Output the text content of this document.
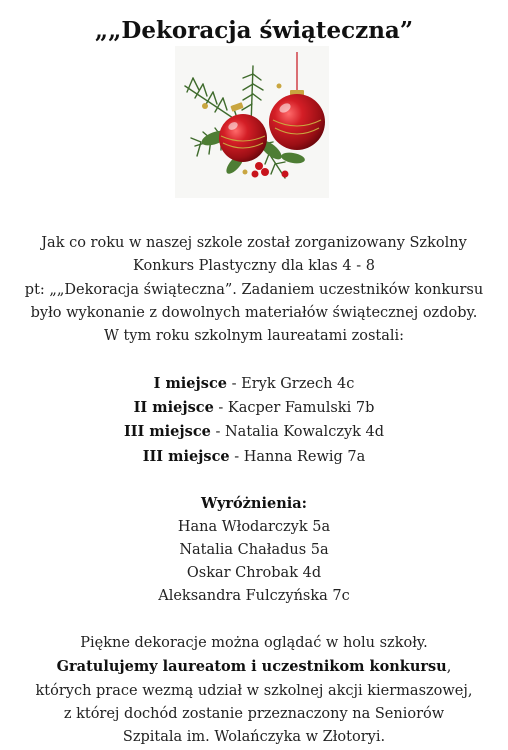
„„Dekoracja świąteczna”
Jak co roku w naszej szkole został zorganizowany Szkolny
Konkurs Plastyczny dla klas 4 - 8
pt: „„Dekoracja świąteczna”. Zadaniem uczestników konkursu
było wykonanie z dowolnych materiałów świątecznej ozdoby.
W tym roku szkolnym laureatami zostali:
I miejsce - Eryk Grzech 4c
II miejsce - Kacper Famulski 7b
III miejsce - Natalia Kowalczyk 4d
III miejsce - Hanna Rewig 7a
Wyróżnienia:
Hana Włodarczyk 5a
Natalia Chaładus 5a
Oskar Chrobak 4d
Aleksandra Fulczyńska 7c
Piękne dekoracje można oglądać w holu szkoły.
Gratulujemy laureatom i uczestnikom konkursu,
których prace wezmą udział w szkolnej akcji kiermaszowej,
z której dochód zostanie przeznaczony na Seniorów
Szpitala im. Wolańczyka w Złotoryi.
